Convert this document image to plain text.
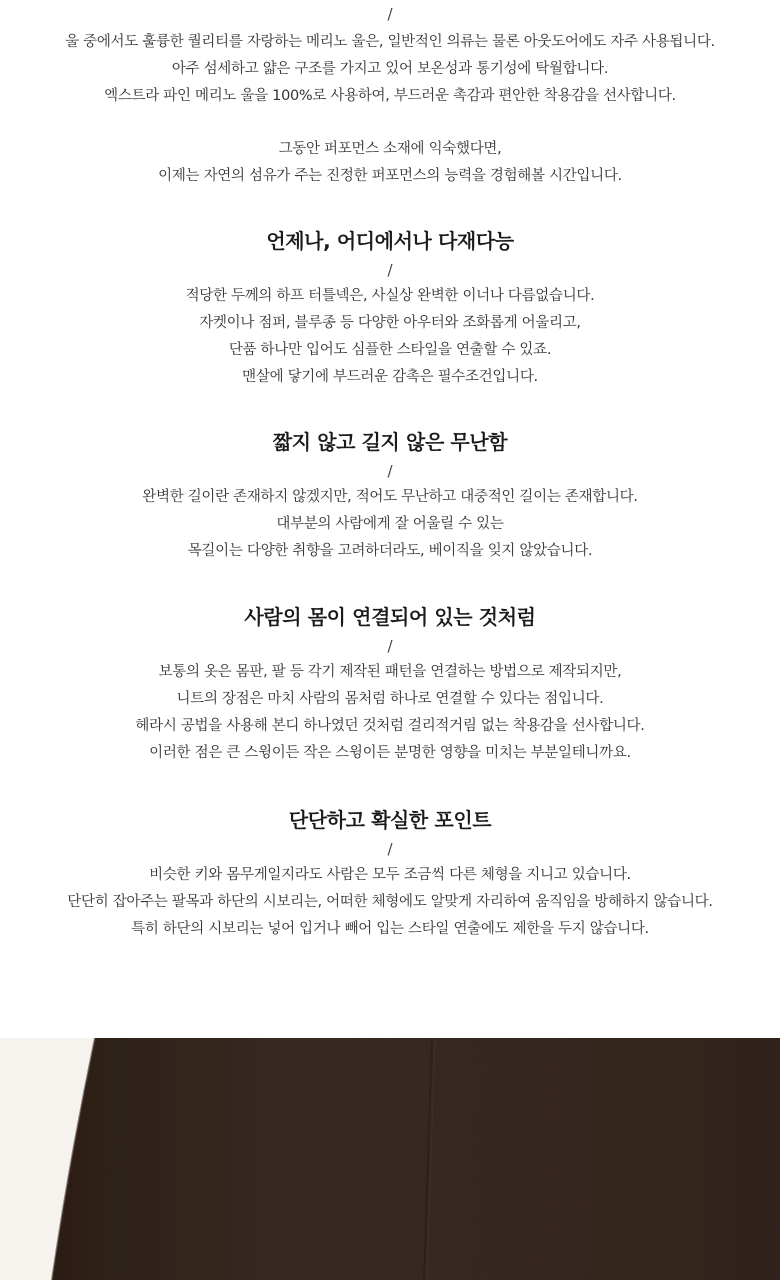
/
울 중에서도 훌륭한 퀄리티를 자랑하는 메리노 울은, 일반적인 의류는 물론 아웃도어에도 자주 사용됩니다.
아주 섬세하고 얇은 구조를 가지고 있어 보온성과 통기성에 탁월합니다.
엑스트라 파인 메리노 울을 100%로 사용하여, 부드러운 촉감과 편안한 착용감을 선사합니다.
그동안 퍼포먼스 소재에 익숙했다면,
이제는 자연의 섬유가 주는 진정한 퍼포먼스의 능력을 경험해볼 시간입니다.
언제나, 어디에서나 다재다능
/
적당한 두께의 하프 터틀넥은, 사실상 완벽한 이너나 다름없습니다.
자켓이나 점퍼, 블루종 등 다양한 아우터와 조화롭게 어울리고,
단품 하나만 입어도 심플한 스타일을 연출할 수 있죠.
맨살에 닿기에 부드러운 감촉은 필수조건입니다.
짧지 않고 길지 않은 무난함
/
완벽한 길이란 존재하지 않겠지만, 적어도 무난하고 대중적인 길이는 존재합니다.
대부분의 사람에게 잘 어울릴 수 있는
목길이는 다양한 취향을 고려하더라도, 베이직을 잊지 않았습니다.
사람의 몸이 연결되어 있는 것처럼
/
보통의 옷은 몸판, 팔 등 각기 제작된 패턴을 연결하는 방법으로 제작되지만,
니트의 장점은 마치 사람의 몸처럼 하나로 연결할 수 있다는 점입니다.
헤라시 공법을 사용해 본디 하나였던 것처럼 걸리적거림 없는 착용감을 선사합니다.
이러한 점은 큰 스윙이든 작은 스윙이든 분명한 영향을 미치는 부분일테니까요.
단단하고 확실한 포인트
/
비슷한 키와 몸무게일지라도 사람은 모두 조금씩 다른 체형을 지니고 있습니다.
단단히 잡아주는 팔목과 하단의 시보리는, 어떠한 체형에도 알맞게 자리하여 움직임을 방해하지 않습니다.
특히 하단의 시보리는 넣어 입거나 빼어 입는 스타일 연출에도 제한을 두지 않습니다.
